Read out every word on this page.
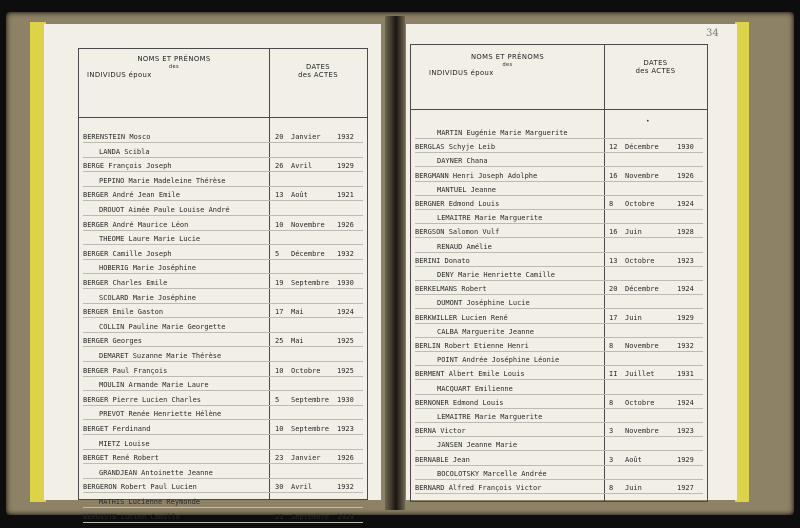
NOMS ET PRÉNOMS
des
INDIVIDUS époux
DATES
des ACTES
BERENSTEIN Mosco	20 Janvier 1932
LANDA Scibla
BERGE François Joseph	26 Avril	1929
PEPINO Marie Madeleine Thérèse
BERGER André Jean Emile	13 Août	1921
DROUOT Aimée Paule Louise André
BERGER André Maurice Léon	10 Novembre 1926
THEOME Laure Marie Lucie
BERGER Camille Joseph	5 Décembre 1932
HOBERIG Marie Joséphine
BERGER Charles Emile	19 Septembre 1930
SCOLARD Marie Joséphine
BERGER Emile Gaston	17 Mai	1924
COLLIN Pauline Marie Georgette
BERGER Georges	25 Mai	1925
DEMARET Suzanne Marie Thérèse
BERGER Paul François	10 Octobre 1925
MOULIN Armande Marie Laure
BERGER Pierre Lucien Charles	5 Septembre 1930
PREVOT Renée Henriette Hélène
BERGET Ferdinand	10 Septembre 1923
MIETZ Louise
BERGET René Robert	23 Janvier 1926
GRANDJEAN Antoinette Jeanne
BERGERON Robert Paul Lucien	30 Avril	1932
MATHIS Lucienne Reymonde
BERGISTE Lucien Camille	21 Septembre 1929
34
NOMS ET PRÉNOMS
des
INDIVIDUS époux
DATES
des ACTES
•
MARTIN Eugénie Marie Marguerite
BERGLAS Schyje Leib	12 Décembre	1930
DAYNER Chana
BERGMANN Henri Joseph Adolphe	16 Novembre	1926
MANTUEL Jeanne
BERGNER Edmond Louis	8 Octobre	1924
LEMAITRE Marie Marguerite
BERGSON Salomon Vulf	16 Juin	1928
RENAUD Amélie
BERINI Donato	13 Octobre	1923
DENY Marie Henriette Camille
BERKELMANS Robert	20 Décembre	1924
DUMONT Joséphine Lucie
BERKWILLER Lucien René	17 Juin	1929
CALBA Marguerite Jeanne
BERLIN Robert Etienne Henri	8 Novembre	1932
POINT Andrée Joséphine Léonie
BERMENT Albert Emile Louis	II Juillet	1931
MACQUART Emilienne
BERNONER Edmond Louis	8 Octobre	1924
LEMAITRE Marie Marguerite
BERNA Victor	3 Novembre	1923
JANSEN Jeanne Marie
BERNABLE Jean	3 Août	1929
BOCOLOTSKY Marcelle Andrée
BERNARD Alfred François Victor	8 Juin	1927
